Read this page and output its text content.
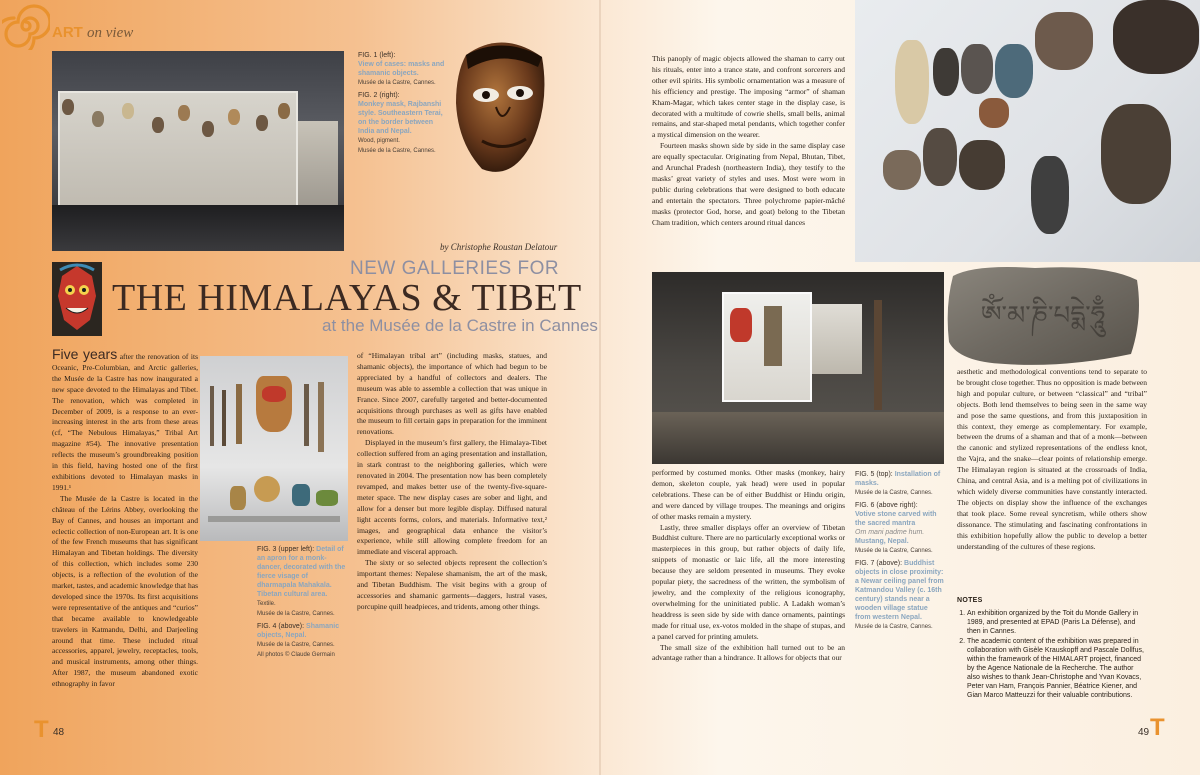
ART on view

FIG. 1 (left):
View of cases: masks and shamanic objects.
Musée de la Castre, Cannes.

FIG. 2 (right):
Monkey mask, Rajbanshi style. Southeastern Terai, on the border between India and Nepal.
Wood, pigment.
Musée de la Castre, Cannes.

by Christophe Roustan Delatour
NEW GALLERIES FOR
THE HIMALAYAS & TIBET
at the Musée de la Castre in Cannes

Five years after the renovation of its Oceanic, Pre-Columbian, and Arctic galleries, the Musée de la Castre has now inaugurated a new space devoted to the Himalayas and Tibet. The renovation, which was completed in December of 2009, is a response to an ever-increasing interest in the arts from these areas (cf, “The Nebulous Himalayas,” Tribal Art magazine #54). The innovative presentation reflects the museum’s groundbreaking position in this field, having hosted one of the first exhibitions devoted to Himalayan masks in 1991.¹

The Musée de la Castre is located in the château of the Lérins Abbey, overlooking the Bay of Cannes, and houses an important and eclectic collection of non-European art. It is one of the few French museums that has significant Himalayan and Tibetan holdings. The diversity of this collection, which includes some 230 objects, is a reflection of the evolution of the market, tastes, and academic knowledge that has developed since the 1970s. Its first acquisitions were representative of the antiques and “curios” that became available to knowledgeable travelers in Katmandu, Delhi, and Darjeeling around that time. These included ritual accessories, apparel, jewelry, receptacles, tools, and musical instruments, among other things. After 1987, the museum abandoned exotic ethnography in favor

FIG. 3 (upper left): Detail of an apron for a monk-dancer, decorated with the fierce visage of dharmapala Mahakala. Tibetan cultural area.
Textile.
Musée de la Castre, Cannes.

FIG. 4 (above): Shamanic objects, Nepal.
Musée de la Castre, Cannes.
All photos © Claude Germain

of “Himalayan tribal art” (including masks, statues, and shamanic objects), the importance of which had begun to be appreciated by a handful of collectors and dealers. The museum was able to assemble a collection that was unique in France. Since 2007, carefully targeted and better-documented acquisitions through purchases as well as gifts have enabled the museum to fill certain gaps in preparation for the imminent renovations.

Displayed in the museum’s first gallery, the Himalaya-Tibet collection suffered from an aging presentation and installation, in stark contrast to the neighboring galleries, which were renovated in 2004. The presentation now has been completely revamped, and makes better use of the twenty-five-square-meter space. The new display cases are sober and light, and allow for a denser but more legible display. Diffused natural light accents forms, colors, and materials. Informative text,² images, and geographical data enhance the visitor’s experience, while still allowing complete freedom for an immediate and visceral approach.

The sixty or so selected objects represent the collection’s important themes: Nepalese shamanism, the art of the mask, and Tibetan Buddhism. The visit begins with a group of accessories and shamanic garments—daggers, lustral vases, porcupine quill headpieces, and tridents, among other things.

This panoply of magic objects allowed the shaman to carry out his rituals, enter into a trance state, and confront sorcerers and other evil spirits. His symbolic ornamentation was a measure of his efficiency and prestige. The imposing “armor” of shaman Kham-Magar, which takes center stage in the display case, is decorated with a multitude of cowrie shells, small bells, animal remains, and star-shaped metal pendants, which together confer a mystical dimension on the wearer.

Fourteen masks shown side by side in the same display case are equally spectacular. Originating from Nepal, Bhutan, Tibet, and Arunchal Pradesh (northeastern India), they testify to the masks’ great variety of styles and uses. Most were worn in public during celebrations that were designed to both educate and entertain the spectators. Three polychrome papier-mâché masks (protector God, horse, and goat) belong to the Tibetan Cham tradition, which centers around ritual dances

ཨོཾ་མ་ཎི་པདྨེ་ཧཱུྃ

FIG. 5 (top): Installation of masks.
Musée de la Castre, Cannes.

FIG. 6 (above right):
Votive stone carved with the sacred mantra
Om mani padme hum.
Mustang, Nepal.
Musée de la Castre, Cannes.

FIG. 7 (above): Buddhist objects in close proximity: a Newar ceiling panel from Katmandou Valley (c. 16th century) stands near a wooden village statue from western Nepal.
Musée de la Castre, Cannes.

performed by costumed monks. Other masks (monkey, hairy demon, skeleton couple, yak head) were used in popular celebrations. These can be of either Buddhist or Hindu origin, and were danced by village troupes. The meanings and origins of other masks remain a mystery.

Lastly, three smaller displays offer an overview of Tibetan Buddhist culture. There are no particularly exceptional works or masterpieces in this group, but rather objects of daily life, snippets of monastic or laic life, all the more interesting because they are seldom presented in museums. They evoke popular piety, the sacredness of the written, the symbolism of jewelry, and the complexity of the religious iconography, overwhelming for the uninitiated public. A Ladakh woman’s headdress is seen side by side with dance ornaments, paintings made for ritual use, ex-votos molded in the shape of stupas, and a panel carved for printing amulets.

The small size of the exhibition hall turned out to be an advantage rather than a hindrance. It allows for objects that our

aesthetic and methodological conventions tend to separate to be brought close together. Thus no opposition is made between high and popular culture, or between “classical” and “tribal” objects. Both lend themselves to being seen in the same way and pose the same questions, and from this juxtaposition in this context, they emerge as complementary. For example, between the drums of a shaman and that of a monk—between the canonic and stylized representations of the endless knot, the Vajra, and the snake—clear points of relationship emerge. The Himalayan region is situated at the crossroads of India, China, and central Asia, and is a melting pot of civilizations in which widely diverse communities have constantly interacted. The objects on display show the influence of the exchanges that took place. Some reveal syncretism, while others show dissonance. The stimulating and fascinating confrontations in this exhibition hopefully allow the public to develop a better understanding of the cultures of these regions.

NOTES
1. An exhibition organized by the Toit du Monde Gallery in 1989, and presented at EPAD (Paris La Défense), and then in Cannes.
2. The academic content of the exhibition was prepared in collaboration with Gisèle Krauskopff and Pascale Dollfus, within the framework of the HIMALART project, financed by the Agence Nationale de la Recherche. The author also wishes to thank Jean-Christophe and Yvan Kovacs, Peter van Ham, François Pannier, Béatrice Kiener, and Gian Marco Matteuzzi for their valuable contributions.
T 48	49 T
